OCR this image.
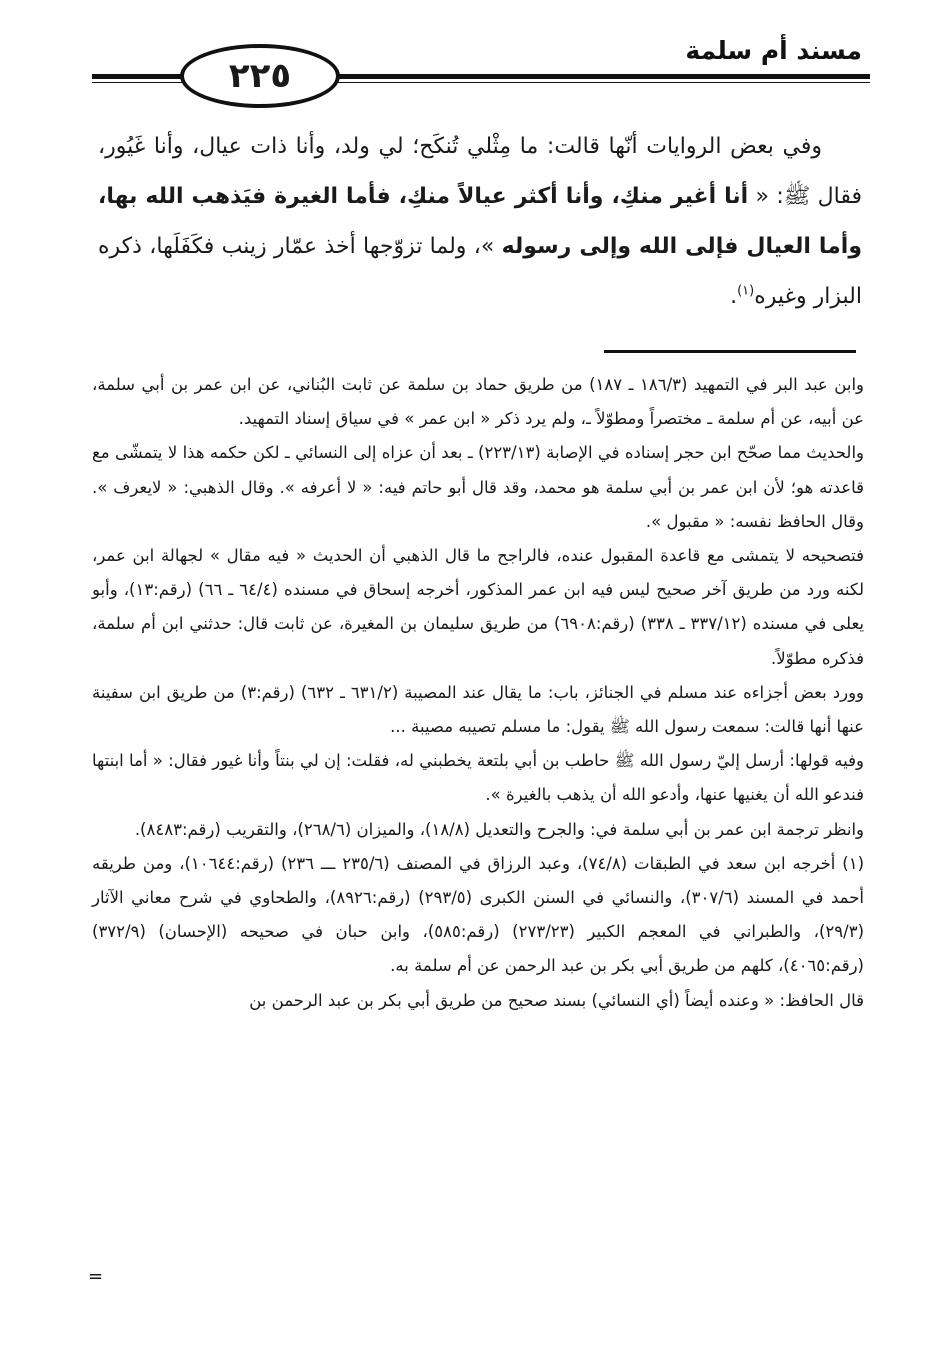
مسند أم سلمة
٢٢٥

وفي بعض الروايات أنّها قالت: ما مِثْلي تُنكَح؛ لي ولد، وأنا ذات عيال، وأنا غَيُور، فقال ﷺ: « أنا أغير منكِ، وأنا أكثر عيالاً منكِ، فأما الغيرة فيَذهب الله بها، وأما العيال فإلى الله وإلى رسوله »، ولما تزوّجها أخذ عمّار زينب فكَفَلَها، ذكره البزار وغيره$^{(١)}$.

وابن عبد البر في التمهيد (١٨٦/٣ ـ ١٨٧) من طريق حماد بن سلمة عن ثابت البُناني، عن ابن عمر بن أبي سلمة، عن أبيه، عن أم سلمة ـ مختصراً ومطوّلاً ـ، ولم يرد ذكر « ابن عمر » في سياق إسناد التمهيد.

والحديث مما صحّح ابن حجر إسناده في الإصابة (٢٢٣/١٣) ـ بعد أن عزاه إلى النسائي ـ لكن حكمه هذا لا يتمشّى مع قاعدته هو؛ لأن ابن عمر بن أبي سلمة هو محمد، وقد قال أبو حاتم فيه: « لا أعرفه ». وقال الذهبي: « لايعرف ». وقال الحافظ نفسه: « مقبول ».

فتصحيحه لا يتمشى مع قاعدة المقبول عنده، فالراجح ما قال الذهبي أن الحديث « فيه مقال » لجهالة ابن عمر، لكنه ورد من طريق آخر صحيح ليس فيه ابن عمر المذكور، أخرجه إسحاق في مسنده (٦٤/٤ ـ ٦٦) (رقم:١٣)، وأبو يعلى في مسنده (٣٣٧/١٢ ـ ٣٣٨) (رقم:٦٩٠٨) من طريق سليمان بن المغيرة، عن ثابت قال: حدثني ابن أم سلمة، فذكره مطوّلاً.

وورد بعض أجزاءه عند مسلم في الجنائز، باب: ما يقال عند المصيبة (٦٣١/٢ ـ ٦٣٢) (رقم:٣) من طريق ابن سفينة عنها أنها قالت: سمعت رسول الله ﷺ يقول: ما مسلم تصيبه مصيبة ...

وفيه قولها: أرسل إليّ رسول الله ﷺ حاطب بن أبي بلتعة يخطبني له، فقلت: إن لي بنتاً وأنا غيور فقال: « أما ابنتها فندعو الله أن يغنيها عنها، وأدعو الله أن يذهب بالغيرة ».

وانظر ترجمة ابن عمر بن أبي سلمة في: والجرح والتعديل (١٨/٨)، والميزان (٢٦٨/٦)، والتقريب (رقم:٨٤٨٣).

(١) أخرجه ابن سعد في الطبقات (٧٤/٨)، وعبد الرزاق في المصنف (٢٣٥/٦ ـــ ٢٣٦) (رقم:١٠٦٤٤)، ومن طريقه أحمد في المسند (٣٠٧/٦)، والنسائي في السنن الكبرى (٢٩٣/٥) (رقم:٨٩٢٦)، والطحاوي في شرح معاني الآثار (٢٩/٣)، والطبراني في المعجم الكبير (٢٧٣/٢٣) (رقم:٥٨٥)، وابن حبان في صحيحه (الإحسان) (٣٧٢/٩) (رقم:٤٠٦٥)، كلهم من طريق أبي بكر بن عبد الرحمن عن أم سلمة به.

قال الحافظ: « وعنده أيضاً (أي النسائي) بسند صحيح من طريق أبي بكر بن عبد الرحمن بن

=
